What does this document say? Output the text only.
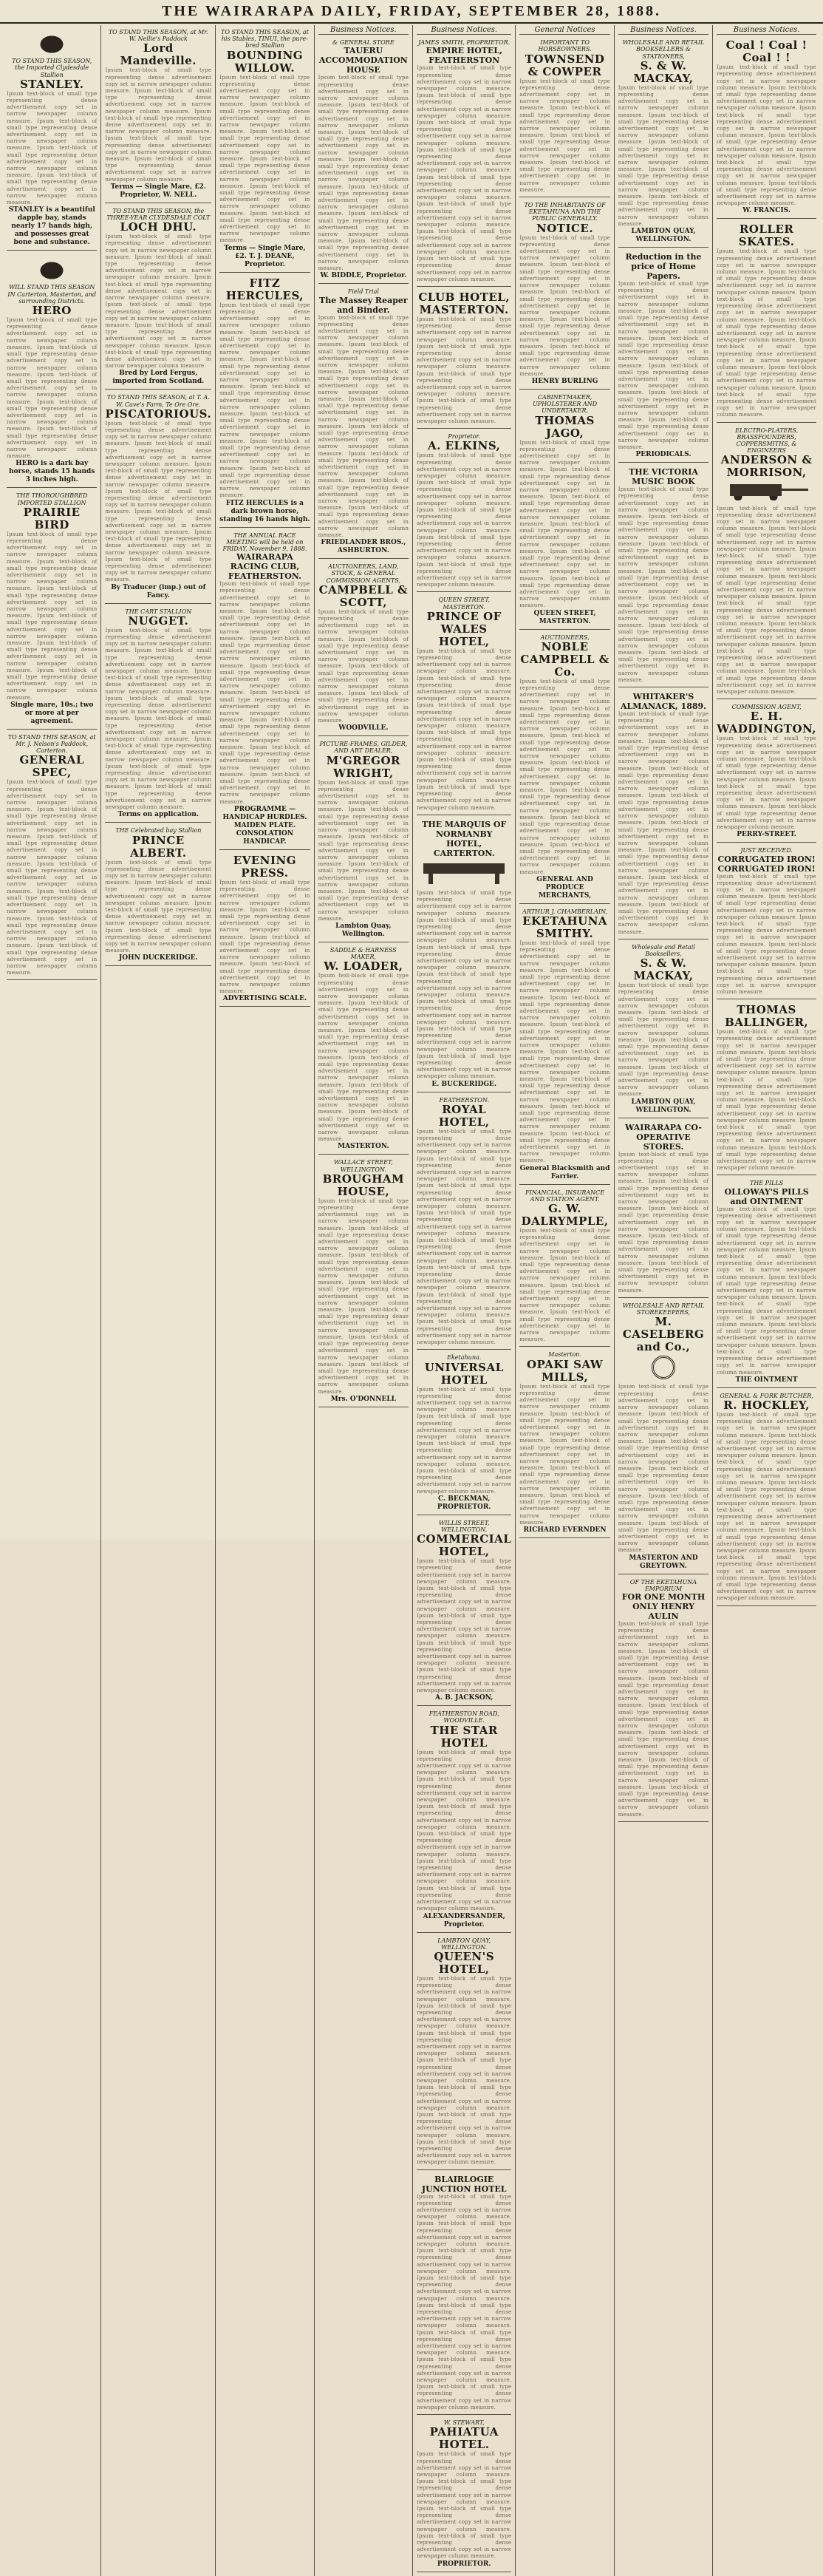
THE WAIRARAPA DAILY, FRIDAY, SEPTEMBER 28, 1888.
TO STAND THIS SEASON, the Imported Clydesdale Stallion
STANLEY.
Ipsum text-block of small type representing dense advertisement copy set in narrow newspaper column measure. Ipsum text-block of small type representing dense advertisement copy set in narrow newspaper column measure. Ipsum text-block of small type representing dense advertisement copy set in narrow newspaper column measure. Ipsum text-block of small type representing dense advertisement copy set in narrow newspaper column measure.
STANLEY is a beautiful dapple bay, stands nearly 17 hands high, and possesses great bone and substance.
WILL STAND THIS SEASON IN Carterton, Masterton, and surrounding Districts.
HERO
Ipsum text-block of small type representing dense advertisement copy set in narrow newspaper column measure. Ipsum text-block of small type representing dense advertisement copy set in narrow newspaper column measure. Ipsum text-block of small type representing dense advertisement copy set in narrow newspaper column measure. Ipsum text-block of small type representing dense advertisement copy set in narrow newspaper column measure. Ipsum text-block of small type representing dense advertisement copy set in narrow newspaper column measure.
HERO is a dark bay horse, stands 15 hands 3 inches high.
THE THOROUGHBRED IMPORTED STALLION
PRAIRIE BIRD
Ipsum text-block of small type representing dense advertisement copy set in narrow newspaper column measure. Ipsum text-block of small type representing dense advertisement copy set in narrow newspaper column measure. Ipsum text-block of small type representing dense advertisement copy set in narrow newspaper column measure. Ipsum text-block of small type representing dense advertisement copy set in narrow newspaper column measure. Ipsum text-block of small type representing dense advertisement copy set in narrow newspaper column measure. Ipsum text-block of small type representing dense advertisement copy set in narrow newspaper column measure.
Single mare, 10s.; two or more at per agreement.
TO STAND THIS SEASON, at Mr. J. Nelson's Paddock, Carterton.
GENERAL SPEC,
Ipsum text-block of small type representing dense advertisement copy set in narrow newspaper column measure. Ipsum text-block of small type representing dense advertisement copy set in narrow newspaper column measure. Ipsum text-block of small type representing dense advertisement copy set in narrow newspaper column measure. Ipsum text-block of small type representing dense advertisement copy set in narrow newspaper column measure. Ipsum text-block of small type representing dense advertisement copy set in narrow newspaper column measure. Ipsum text-block of small type representing dense advertisement copy set in narrow newspaper column measure. Ipsum text-block of small type representing dense advertisement copy set in narrow newspaper column measure.
TO STAND THIS SEASON, at Mr. W. Nellie's Paddock
Lord Mandeville.
Ipsum text-block of small type representing dense advertisement copy set in narrow newspaper column measure. Ipsum text-block of small type representing dense advertisement copy set in narrow newspaper column measure. Ipsum text-block of small type representing dense advertisement copy set in narrow newspaper column measure. Ipsum text-block of small type representing dense advertisement copy set in narrow newspaper column measure. Ipsum text-block of small type representing dense advertisement copy set in narrow newspaper column measure.
Terms — Single Mare, £2. Proprietor, W. NELL.
TO STAND THIS SEASON, the THREE-YEAR CLYDESDALE COLT
LOCH DHU.
Ipsum text-block of small type representing dense advertisement copy set in narrow newspaper column measure. Ipsum text-block of small type representing dense advertisement copy set in narrow newspaper column measure. Ipsum text-block of small type representing dense advertisement copy set in narrow newspaper column measure. Ipsum text-block of small type representing dense advertisement copy set in narrow newspaper column measure. Ipsum text-block of small type representing dense advertisement copy set in narrow newspaper column measure. Ipsum text-block of small type representing dense advertisement copy set in narrow newspaper column measure.
Bred by Lord Fergus, imported from Scotland.
TO STAND THIS SEASON, at T. A. W. Cave's Farm, Te Ore Ore.
PISCATORIOUS.
Ipsum text-block of small type representing dense advertisement copy set in narrow newspaper column measure. Ipsum text-block of small type representing dense advertisement copy set in narrow newspaper column measure. Ipsum text-block of small type representing dense advertisement copy set in narrow newspaper column measure. Ipsum text-block of small type representing dense advertisement copy set in narrow newspaper column measure. Ipsum text-block of small type representing dense advertisement copy set in narrow newspaper column measure. Ipsum text-block of small type representing dense advertisement copy set in narrow newspaper column measure. Ipsum text-block of small type representing dense advertisement copy set in narrow newspaper column measure.
By Traducer (imp.) out of Fancy.
THE CART STALLION
NUGGET.
Ipsum text-block of small type representing dense advertisement copy set in narrow newspaper column measure. Ipsum text-block of small type representing dense advertisement copy set in narrow newspaper column measure. Ipsum text-block of small type representing dense advertisement copy set in narrow newspaper column measure. Ipsum text-block of small type representing dense advertisement copy set in narrow newspaper column measure. Ipsum text-block of small type representing dense advertisement copy set in narrow newspaper column measure. Ipsum text-block of small type representing dense advertisement copy set in narrow newspaper column measure. Ipsum text-block of small type representing dense advertisement copy set in narrow newspaper column measure. Ipsum text-block of small type representing dense advertisement copy set in narrow newspaper column measure.
Terms on application.
THE Celebrated bay Stallion
PRINCE ALBERT.
Ipsum text-block of small type representing dense advertisement copy set in narrow newspaper column measure. Ipsum text-block of small type representing dense advertisement copy set in narrow newspaper column measure. Ipsum text-block of small type representing dense advertisement copy set in narrow newspaper column measure. Ipsum text-block of small type representing dense advertisement copy set in narrow newspaper column measure.
JOHN DUCKERIDGE.
TO STAND THIS SEASON, at his Stables, TINUI, the pure-bred Stallion
BOUNDING WILLOW.
Ipsum text-block of small type representing dense advertisement copy set in narrow newspaper column measure. Ipsum text-block of small type representing dense advertisement copy set in narrow newspaper column measure. Ipsum text-block of small type representing dense advertisement copy set in narrow newspaper column measure. Ipsum text-block of small type representing dense advertisement copy set in narrow newspaper column measure. Ipsum text-block of small type representing dense advertisement copy set in narrow newspaper column measure. Ipsum text-block of small type representing dense advertisement copy set in narrow newspaper column measure.
Terms — Single Mare, £2. T. J. DEANE, Proprietor.
FITZ HERCULES,
Ipsum text-block of small type representing dense advertisement copy set in narrow newspaper column measure. Ipsum text-block of small type representing dense advertisement copy set in narrow newspaper column measure. Ipsum text-block of small type representing dense advertisement copy set in narrow newspaper column measure. Ipsum text-block of small type representing dense advertisement copy set in narrow newspaper column measure. Ipsum text-block of small type representing dense advertisement copy set in narrow newspaper column measure. Ipsum text-block of small type representing dense advertisement copy set in narrow newspaper column measure. Ipsum text-block of small type representing dense advertisement copy set in narrow newspaper column measure.
FITZ HERCULES is a dark brown horse, standing 16 hands high.
THE ANNUAL RACE MEETING will be held on FRIDAY, November 9, 1888.
WAIRARAPA RACING CLUB, FEATHERSTON.
Ipsum text-block of small type representing dense advertisement copy set in narrow newspaper column measure. Ipsum text-block of small type representing dense advertisement copy set in narrow newspaper column measure. Ipsum text-block of small type representing dense advertisement copy set in narrow newspaper column measure. Ipsum text-block of small type representing dense advertisement copy set in narrow newspaper column measure. Ipsum text-block of small type representing dense advertisement copy set in narrow newspaper column measure. Ipsum text-block of small type representing dense advertisement copy set in narrow newspaper column measure. Ipsum text-block of small type representing dense advertisement copy set in narrow newspaper column measure. Ipsum text-block of small type representing dense advertisement copy set in narrow newspaper column measure.
PROGRAMME — HANDICAP HURDLES. MAIDEN PLATE. CONSOLATION HANDICAP.
EVENING PRESS.
Ipsum text-block of small type representing dense advertisement copy set in narrow newspaper column measure. Ipsum text-block of small type representing dense advertisement copy set in narrow newspaper column measure. Ipsum text-block of small type representing dense advertisement copy set in narrow newspaper column measure. Ipsum text-block of small type representing dense advertisement copy set in narrow newspaper column measure.
ADVERTISING SCALE.
Business Notices.
& GENERAL STORE
TAUERU ACCOMMODATION HOUSE
Ipsum text-block of small type representing dense advertisement copy set in narrow newspaper column measure. Ipsum text-block of small type representing dense advertisement copy set in narrow newspaper column measure. Ipsum text-block of small type representing dense advertisement copy set in narrow newspaper column measure. Ipsum text-block of small type representing dense advertisement copy set in narrow newspaper column measure. Ipsum text-block of small type representing dense advertisement copy set in narrow newspaper column measure. Ipsum text-block of small type representing dense advertisement copy set in narrow newspaper column measure. Ipsum text-block of small type representing dense advertisement copy set in narrow newspaper column measure.
W. BIDDLE, Proprietor.
Field Trial
The Massey Reaper and Binder.
Ipsum text-block of small type representing dense advertisement copy set in narrow newspaper column measure. Ipsum text-block of small type representing dense advertisement copy set in narrow newspaper column measure. Ipsum text-block of small type representing dense advertisement copy set in narrow newspaper column measure. Ipsum text-block of small type representing dense advertisement copy set in narrow newspaper column measure. Ipsum text-block of small type representing dense advertisement copy set in narrow newspaper column measure. Ipsum text-block of small type representing dense advertisement copy set in narrow newspaper column measure. Ipsum text-block of small type representing dense advertisement copy set in narrow newspaper column measure. Ipsum text-block of small type representing dense advertisement copy set in narrow newspaper column measure.
FRIEDLANDER BROS., ASHBURTON.
AUCTIONEERS, LAND, STOCK, & GENERAL COMMISSION AGENTS,
CAMPBELL & SCOTT,
Ipsum text-block of small type representing dense advertisement copy set in narrow newspaper column measure. Ipsum text-block of small type representing dense advertisement copy set in narrow newspaper column measure. Ipsum text-block of small type representing dense advertisement copy set in narrow newspaper column measure. Ipsum text-block of small type representing dense advertisement copy set in narrow newspaper column measure.
WOODVILLE.
PICTURE-FRAMES, GILDER, AND ART DEALER,
M'GREGOR WRIGHT,
Ipsum text-block of small type representing dense advertisement copy set in narrow newspaper column measure. Ipsum text-block of small type representing dense advertisement copy set in narrow newspaper column measure. Ipsum text-block of small type representing dense advertisement copy set in narrow newspaper column measure. Ipsum text-block of small type representing dense advertisement copy set in narrow newspaper column measure. Ipsum text-block of small type representing dense advertisement copy set in narrow newspaper column measure.
Lambton Quay, Wellington.
SADDLE & HARNESS MAKER,
W. LOADER,
Ipsum text-block of small type representing dense advertisement copy set in narrow newspaper column measure. Ipsum text-block of small type representing dense advertisement copy set in narrow newspaper column measure. Ipsum text-block of small type representing dense advertisement copy set in narrow newspaper column measure. Ipsum text-block of small type representing dense advertisement copy set in narrow newspaper column measure. Ipsum text-block of small type representing dense advertisement copy set in narrow newspaper column measure. Ipsum text-block of small type representing dense advertisement copy set in narrow newspaper column measure.
MASTERTON.
WALLACE STREET, WELLINGTON.
BROUGHAM HOUSE,
Ipsum text-block of small type representing dense advertisement copy set in narrow newspaper column measure. Ipsum text-block of small type representing dense advertisement copy set in narrow newspaper column measure. Ipsum text-block of small type representing dense advertisement copy set in narrow newspaper column measure. Ipsum text-block of small type representing dense advertisement copy set in narrow newspaper column measure. Ipsum text-block of small type representing dense advertisement copy set in narrow newspaper column measure. Ipsum text-block of small type representing dense advertisement copy set in narrow newspaper column measure. Ipsum text-block of small type representing dense advertisement copy set in narrow newspaper column measure.
Mrs. O'DONNELL
Business Notices.
JAMES SMITH, PROPRIETOR.
EMPIRE HOTEL, FEATHERSTON
Ipsum text-block of small type representing dense advertisement copy set in narrow newspaper column measure. Ipsum text-block of small type representing dense advertisement copy set in narrow newspaper column measure. Ipsum text-block of small type representing dense advertisement copy set in narrow newspaper column measure. Ipsum text-block of small type representing dense advertisement copy set in narrow newspaper column measure. Ipsum text-block of small type representing dense advertisement copy set in narrow newspaper column measure. Ipsum text-block of small type representing dense advertisement copy set in narrow newspaper column measure. Ipsum text-block of small type representing dense advertisement copy set in narrow newspaper column measure. Ipsum text-block of small type representing dense advertisement copy set in narrow newspaper column measure.
CLUB HOTEL, MASTERTON.
Ipsum text-block of small type representing dense advertisement copy set in narrow newspaper column measure. Ipsum text-block of small type representing dense advertisement copy set in narrow newspaper column measure. Ipsum text-block of small type representing dense advertisement copy set in narrow newspaper column measure. Ipsum text-block of small type representing dense advertisement copy set in narrow newspaper column measure.
Proprietor.
A. ELKINS,
Ipsum text-block of small type representing dense advertisement copy set in narrow newspaper column measure. Ipsum text-block of small type representing dense advertisement copy set in narrow newspaper column measure. Ipsum text-block of small type representing dense advertisement copy set in narrow newspaper column measure. Ipsum text-block of small type representing dense advertisement copy set in narrow newspaper column measure. Ipsum text-block of small type representing dense advertisement copy set in narrow newspaper column measure.
QUEEN STREET, MASTERTON.
PRINCE OF WALES HOTEL,
Ipsum text-block of small type representing dense advertisement copy set in narrow newspaper column measure. Ipsum text-block of small type representing dense advertisement copy set in narrow newspaper column measure. Ipsum text-block of small type representing dense advertisement copy set in narrow newspaper column measure. Ipsum text-block of small type representing dense advertisement copy set in narrow newspaper column measure. Ipsum text-block of small type representing dense advertisement copy set in narrow newspaper column measure. Ipsum text-block of small type representing dense advertisement copy set in narrow newspaper column measure.
THE MARQUIS OF NORMANBY HOTEL, CARTERTON.
Ipsum text-block of small type representing dense advertisement copy set in narrow newspaper column measure. Ipsum text-block of small type representing dense advertisement copy set in narrow newspaper column measure. Ipsum text-block of small type representing dense advertisement copy set in narrow newspaper column measure. Ipsum text-block of small type representing dense advertisement copy set in narrow newspaper column measure. Ipsum text-block of small type representing dense advertisement copy set in narrow newspaper column measure. Ipsum text-block of small type representing dense advertisement copy set in narrow newspaper column measure. Ipsum text-block of small type representing dense advertisement copy set in narrow newspaper column measure.
E. BUCKERIDGE.
FEATHERSTON.
ROYAL HOTEL,
Ipsum text-block of small type representing dense advertisement copy set in narrow newspaper column measure. Ipsum text-block of small type representing dense advertisement copy set in narrow newspaper column measure. Ipsum text-block of small type representing dense advertisement copy set in narrow newspaper column measure. Ipsum text-block of small type representing dense advertisement copy set in narrow newspaper column measure. Ipsum text-block of small type representing dense advertisement copy set in narrow newspaper column measure. Ipsum text-block of small type representing dense advertisement copy set in narrow newspaper column measure. Ipsum text-block of small type representing dense advertisement copy set in narrow newspaper column measure. Ipsum text-block of small type representing dense advertisement copy set in narrow newspaper column measure.
Eketahuna.
UNIVERSAL HOTEL
Ipsum text-block of small type representing dense advertisement copy set in narrow newspaper column measure. Ipsum text-block of small type representing dense advertisement copy set in narrow newspaper column measure. Ipsum text-block of small type representing dense advertisement copy set in narrow newspaper column measure. Ipsum text-block of small type representing dense advertisement copy set in narrow newspaper column measure.
C. BECKMAN, PROPRIETOR.
WILLIS STREET, WELLINGTON.
COMMERCIAL HOTEL,
Ipsum text-block of small type representing dense advertisement copy set in narrow newspaper column measure. Ipsum text-block of small type representing dense advertisement copy set in narrow newspaper column measure. Ipsum text-block of small type representing dense advertisement copy set in narrow newspaper column measure. Ipsum text-block of small type representing dense advertisement copy set in narrow newspaper column measure. Ipsum text-block of small type representing dense advertisement copy set in narrow newspaper column measure.
A. B. JACKSON,
FEATHERSTON ROAD, WOODVILLE.
THE STAR HOTEL
Ipsum text-block of small type representing dense advertisement copy set in narrow newspaper column measure. Ipsum text-block of small type representing dense advertisement copy set in narrow newspaper column measure. Ipsum text-block of small type representing dense advertisement copy set in narrow newspaper column measure. Ipsum text-block of small type representing dense advertisement copy set in narrow newspaper column measure. Ipsum text-block of small type representing dense advertisement copy set in narrow newspaper column measure. Ipsum text-block of small type representing dense advertisement copy set in narrow newspaper column measure.
ALEXANDERSANDER, Proprietor.
LAMBTON QUAY, WELLINGTON.
QUEEN'S HOTEL,
Ipsum text-block of small type representing dense advertisement copy set in narrow newspaper column measure. Ipsum text-block of small type representing dense advertisement copy set in narrow newspaper column measure. Ipsum text-block of small type representing dense advertisement copy set in narrow newspaper column measure. Ipsum text-block of small type representing dense advertisement copy set in narrow newspaper column measure. Ipsum text-block of small type representing dense advertisement copy set in narrow newspaper column measure. Ipsum text-block of small type representing dense advertisement copy set in narrow newspaper column measure. Ipsum text-block of small type representing dense advertisement copy set in narrow newspaper column measure.
BLAIRLOGIE JUNCTION HOTEL
Ipsum text-block of small type representing dense advertisement copy set in narrow newspaper column measure. Ipsum text-block of small type representing dense advertisement copy set in narrow newspaper column measure. Ipsum text-block of small type representing dense advertisement copy set in narrow newspaper column measure. Ipsum text-block of small type representing dense advertisement copy set in narrow newspaper column measure. Ipsum text-block of small type representing dense advertisement copy set in narrow newspaper column measure. Ipsum text-block of small type representing dense advertisement copy set in narrow newspaper column measure. Ipsum text-block of small type representing dense advertisement copy set in narrow newspaper column measure. Ipsum text-block of small type representing dense advertisement copy set in narrow newspaper column measure.
W. STEWART,
PAHIATUA HOTEL.
Ipsum text-block of small type representing dense advertisement copy set in narrow newspaper column measure. Ipsum text-block of small type representing dense advertisement copy set in narrow newspaper column measure. Ipsum text-block of small type representing dense advertisement copy set in narrow newspaper column measure. Ipsum text-block of small type representing dense advertisement copy set in narrow newspaper column measure.
PROPRIETOR.
General Notices
IMPORTANT TO HORSEOWNERS.
TOWNSEND & COWPER
Ipsum text-block of small type representing dense advertisement copy set in narrow newspaper column measure. Ipsum text-block of small type representing dense advertisement copy set in narrow newspaper column measure. Ipsum text-block of small type representing dense advertisement copy set in narrow newspaper column measure. Ipsum text-block of small type representing dense advertisement copy set in narrow newspaper column measure.
TO THE INHABITANTS OF EKETAHUNA AND THE PUBLIC GENERALLY.
NOTICE.
Ipsum text-block of small type representing dense advertisement copy set in narrow newspaper column measure. Ipsum text-block of small type representing dense advertisement copy set in narrow newspaper column measure. Ipsum text-block of small type representing dense advertisement copy set in narrow newspaper column measure. Ipsum text-block of small type representing dense advertisement copy set in narrow newspaper column measure. Ipsum text-block of small type representing dense advertisement copy set in narrow newspaper column measure.
HENRY BURLING
CABINETMAKER, UPHOLSTERER AND UNDERTAKER,
THOMAS JAGO,
Ipsum text-block of small type representing dense advertisement copy set in narrow newspaper column measure. Ipsum text-block of small type representing dense advertisement copy set in narrow newspaper column measure. Ipsum text-block of small type representing dense advertisement copy set in narrow newspaper column measure. Ipsum text-block of small type representing dense advertisement copy set in narrow newspaper column measure. Ipsum text-block of small type representing dense advertisement copy set in narrow newspaper column measure. Ipsum text-block of small type representing dense advertisement copy set in narrow newspaper column measure.
QUEEN STREET, MASTERTON.
AUCTIONEERS,
NOBLE CAMPBELL & Co.
Ipsum text-block of small type representing dense advertisement copy set in narrow newspaper column measure. Ipsum text-block of small type representing dense advertisement copy set in narrow newspaper column measure. Ipsum text-block of small type representing dense advertisement copy set in narrow newspaper column measure. Ipsum text-block of small type representing dense advertisement copy set in narrow newspaper column measure. Ipsum text-block of small type representing dense advertisement copy set in narrow newspaper column measure. Ipsum text-block of small type representing dense advertisement copy set in narrow newspaper column measure. Ipsum text-block of small type representing dense advertisement copy set in narrow newspaper column measure.
GENERAL AND PRODUCE MERCHANTS,
ARTHUR J. CHAMBERLAIN,
EKETAHUNA SMITHY.
Ipsum text-block of small type representing dense advertisement copy set in narrow newspaper column measure. Ipsum text-block of small type representing dense advertisement copy set in narrow newspaper column measure. Ipsum text-block of small type representing dense advertisement copy set in narrow newspaper column measure. Ipsum text-block of small type representing dense advertisement copy set in narrow newspaper column measure. Ipsum text-block of small type representing dense advertisement copy set in narrow newspaper column measure. Ipsum text-block of small type representing dense advertisement copy set in narrow newspaper column measure. Ipsum text-block of small type representing dense advertisement copy set in narrow newspaper column measure. Ipsum text-block of small type representing dense advertisement copy set in narrow newspaper column measure.
General Blacksmith and Farrier.
FINANCIAL, INSURANCE AND STATION AGENT.
G. W. DALRYMPLE,
Ipsum text-block of small type representing dense advertisement copy set in narrow newspaper column measure. Ipsum text-block of small type representing dense advertisement copy set in narrow newspaper column measure. Ipsum text-block of small type representing dense advertisement copy set in narrow newspaper column measure. Ipsum text-block of small type representing dense advertisement copy set in narrow newspaper column measure.
Masterton.
OPAKI SAW MILLS,
Ipsum text-block of small type representing dense advertisement copy set in narrow newspaper column measure. Ipsum text-block of small type representing dense advertisement copy set in narrow newspaper column measure. Ipsum text-block of small type representing dense advertisement copy set in narrow newspaper column measure. Ipsum text-block of small type representing dense advertisement copy set in narrow newspaper column measure. Ipsum text-block of small type representing dense advertisement copy set in narrow newspaper column measure.
RICHARD EVERNDEN
Business Notices.
WHOLESALE AND RETAIL BOOKSELLERS & STATIONERS,
S. & W. MACKAY,
Ipsum text-block of small type representing dense advertisement copy set in narrow newspaper column measure. Ipsum text-block of small type representing dense advertisement copy set in narrow newspaper column measure. Ipsum text-block of small type representing dense advertisement copy set in narrow newspaper column measure. Ipsum text-block of small type representing dense advertisement copy set in narrow newspaper column measure. Ipsum text-block of small type representing dense advertisement copy set in narrow newspaper column measure.
LAMBTON QUAY, WELLINGTON.
Reduction in the price of Home Papers.
Ipsum text-block of small type representing dense advertisement copy set in narrow newspaper column measure. Ipsum text-block of small type representing dense advertisement copy set in narrow newspaper column measure. Ipsum text-block of small type representing dense advertisement copy set in narrow newspaper column measure. Ipsum text-block of small type representing dense advertisement copy set in narrow newspaper column measure. Ipsum text-block of small type representing dense advertisement copy set in narrow newspaper column measure. Ipsum text-block of small type representing dense advertisement copy set in narrow newspaper column measure.
PERIODICALS.
THE VICTORIA MUSIC BOOK
Ipsum text-block of small type representing dense advertisement copy set in narrow newspaper column measure. Ipsum text-block of small type representing dense advertisement copy set in narrow newspaper column measure. Ipsum text-block of small type representing dense advertisement copy set in narrow newspaper column measure. Ipsum text-block of small type representing dense advertisement copy set in narrow newspaper column measure. Ipsum text-block of small type representing dense advertisement copy set in narrow newspaper column measure. Ipsum text-block of small type representing dense advertisement copy set in narrow newspaper column measure. Ipsum text-block of small type representing dense advertisement copy set in narrow newspaper column measure.
WHITAKER'S ALMANACK, 1889.
Ipsum text-block of small type representing dense advertisement copy set in narrow newspaper column measure. Ipsum text-block of small type representing dense advertisement copy set in narrow newspaper column measure. Ipsum text-block of small type representing dense advertisement copy set in narrow newspaper column measure. Ipsum text-block of small type representing dense advertisement copy set in narrow newspaper column measure. Ipsum text-block of small type representing dense advertisement copy set in narrow newspaper column measure. Ipsum text-block of small type representing dense advertisement copy set in narrow newspaper column measure. Ipsum text-block of small type representing dense advertisement copy set in narrow newspaper column measure. Ipsum text-block of small type representing dense advertisement copy set in narrow newspaper column measure.
Wholesale and Retail Booksellers,
S. & W. MACKAY,
Ipsum text-block of small type representing dense advertisement copy set in narrow newspaper column measure. Ipsum text-block of small type representing dense advertisement copy set in narrow newspaper column measure. Ipsum text-block of small type representing dense advertisement copy set in narrow newspaper column measure. Ipsum text-block of small type representing dense advertisement copy set in narrow newspaper column measure.
LAMBTON QUAY, WELLINGTON.
WAIRARAPA CO-OPERATIVE STORES.
Ipsum text-block of small type representing dense advertisement copy set in narrow newspaper column measure. Ipsum text-block of small type representing dense advertisement copy set in narrow newspaper column measure. Ipsum text-block of small type representing dense advertisement copy set in narrow newspaper column measure. Ipsum text-block of small type representing dense advertisement copy set in narrow newspaper column measure. Ipsum text-block of small type representing dense advertisement copy set in narrow newspaper column measure.
WHOLESALE AND RETAIL STOREKEEPERS,
M. CASELBERG and Co.,
Ipsum text-block of small type representing dense advertisement copy set in narrow newspaper column measure. Ipsum text-block of small type representing dense advertisement copy set in narrow newspaper column measure. Ipsum text-block of small type representing dense advertisement copy set in narrow newspaper column measure. Ipsum text-block of small type representing dense advertisement copy set in narrow newspaper column measure. Ipsum text-block of small type representing dense advertisement copy set in narrow newspaper column measure. Ipsum text-block of small type representing dense advertisement copy set in narrow newspaper column measure.
MASTERTON AND GREYTOWN.
OF THE EKETAHUNA EMPORIUM
FOR ONE MONTH ONLY HENRY AULIN
Ipsum text-block of small type representing dense advertisement copy set in narrow newspaper column measure. Ipsum text-block of small type representing dense advertisement copy set in narrow newspaper column measure. Ipsum text-block of small type representing dense advertisement copy set in narrow newspaper column measure. Ipsum text-block of small type representing dense advertisement copy set in narrow newspaper column measure. Ipsum text-block of small type representing dense advertisement copy set in narrow newspaper column measure. Ipsum text-block of small type representing dense advertisement copy set in narrow newspaper column measure. Ipsum text-block of small type representing dense advertisement copy set in narrow newspaper column measure.
Business Notices.
Coal ! Coal ! Coal ! !
Ipsum text-block of small type representing dense advertisement copy set in narrow newspaper column measure. Ipsum text-block of small type representing dense advertisement copy set in narrow newspaper column measure. Ipsum text-block of small type representing dense advertisement copy set in narrow newspaper column measure. Ipsum text-block of small type representing dense advertisement copy set in narrow newspaper column measure. Ipsum text-block of small type representing dense advertisement copy set in narrow newspaper column measure. Ipsum text-block of small type representing dense advertisement copy set in narrow newspaper column measure.
W. FRANCIS.
ROLLER SKATES.
Ipsum text-block of small type representing dense advertisement copy set in narrow newspaper column measure. Ipsum text-block of small type representing dense advertisement copy set in narrow newspaper column measure. Ipsum text-block of small type representing dense advertisement copy set in narrow newspaper column measure. Ipsum text-block of small type representing dense advertisement copy set in narrow newspaper column measure. Ipsum text-block of small type representing dense advertisement copy set in narrow newspaper column measure. Ipsum text-block of small type representing dense advertisement copy set in narrow newspaper column measure. Ipsum text-block of small type representing dense advertisement copy set in narrow newspaper column measure.
ELECTRO-PLATERS, BRASSFOUNDERS, COPPERSMITHS, & ENGINEERS
ANDERSON & MORRISON,
Ipsum text-block of small type representing dense advertisement copy set in narrow newspaper column measure. Ipsum text-block of small type representing dense advertisement copy set in narrow newspaper column measure. Ipsum text-block of small type representing dense advertisement copy set in narrow newspaper column measure. Ipsum text-block of small type representing dense advertisement copy set in narrow newspaper column measure. Ipsum text-block of small type representing dense advertisement copy set in narrow newspaper column measure. Ipsum text-block of small type representing dense advertisement copy set in narrow newspaper column measure. Ipsum text-block of small type representing dense advertisement copy set in narrow newspaper column measure. Ipsum text-block of small type representing dense advertisement copy set in narrow newspaper column measure.
COMMISSION AGENT,
E. H. WADDINGTON,
Ipsum text-block of small type representing dense advertisement copy set in narrow newspaper column measure. Ipsum text-block of small type representing dense advertisement copy set in narrow newspaper column measure. Ipsum text-block of small type representing dense advertisement copy set in narrow newspaper column measure. Ipsum text-block of small type representing dense advertisement copy set in narrow newspaper column measure.
PERRY-STREET.
JUST RECEIVED.
CORRUGATED IRON! CORRUGATED IRON!
Ipsum text-block of small type representing dense advertisement copy set in narrow newspaper column measure. Ipsum text-block of small type representing dense advertisement copy set in narrow newspaper column measure. Ipsum text-block of small type representing dense advertisement copy set in narrow newspaper column measure. Ipsum text-block of small type representing dense advertisement copy set in narrow newspaper column measure. Ipsum text-block of small type representing dense advertisement copy set in narrow newspaper column measure.
THOMAS BALLINGER,
Ipsum text-block of small type representing dense advertisement copy set in narrow newspaper column measure. Ipsum text-block of small type representing dense advertisement copy set in narrow newspaper column measure. Ipsum text-block of small type representing dense advertisement copy set in narrow newspaper column measure. Ipsum text-block of small type representing dense advertisement copy set in narrow newspaper column measure. Ipsum text-block of small type representing dense advertisement copy set in narrow newspaper column measure. Ipsum text-block of small type representing dense advertisement copy set in narrow newspaper column measure.
THE PILLS
OLLOWAY'S PILLS and OINTMENT
Ipsum text-block of small type representing dense advertisement copy set in narrow newspaper column measure. Ipsum text-block of small type representing dense advertisement copy set in narrow newspaper column measure. Ipsum text-block of small type representing dense advertisement copy set in narrow newspaper column measure. Ipsum text-block of small type representing dense advertisement copy set in narrow newspaper column measure. Ipsum text-block of small type representing dense advertisement copy set in narrow newspaper column measure. Ipsum text-block of small type representing dense advertisement copy set in narrow newspaper column measure. Ipsum text-block of small type representing dense advertisement copy set in narrow newspaper column measure.
THE OINTMENT
GENERAL & FORK BUTCHER,
R. HOCKLEY,
Ipsum text-block of small type representing dense advertisement copy set in narrow newspaper column measure. Ipsum text-block of small type representing dense advertisement copy set in narrow newspaper column measure. Ipsum text-block of small type representing dense advertisement copy set in narrow newspaper column measure. Ipsum text-block of small type representing dense advertisement copy set in narrow newspaper column measure. Ipsum text-block of small type representing dense advertisement copy set in narrow newspaper column measure. Ipsum text-block of small type representing dense advertisement copy set in narrow newspaper column measure. Ipsum text-block of small type representing dense advertisement copy set in narrow newspaper column measure. Ipsum text-block of small type representing dense advertisement copy set in narrow newspaper column measure.
